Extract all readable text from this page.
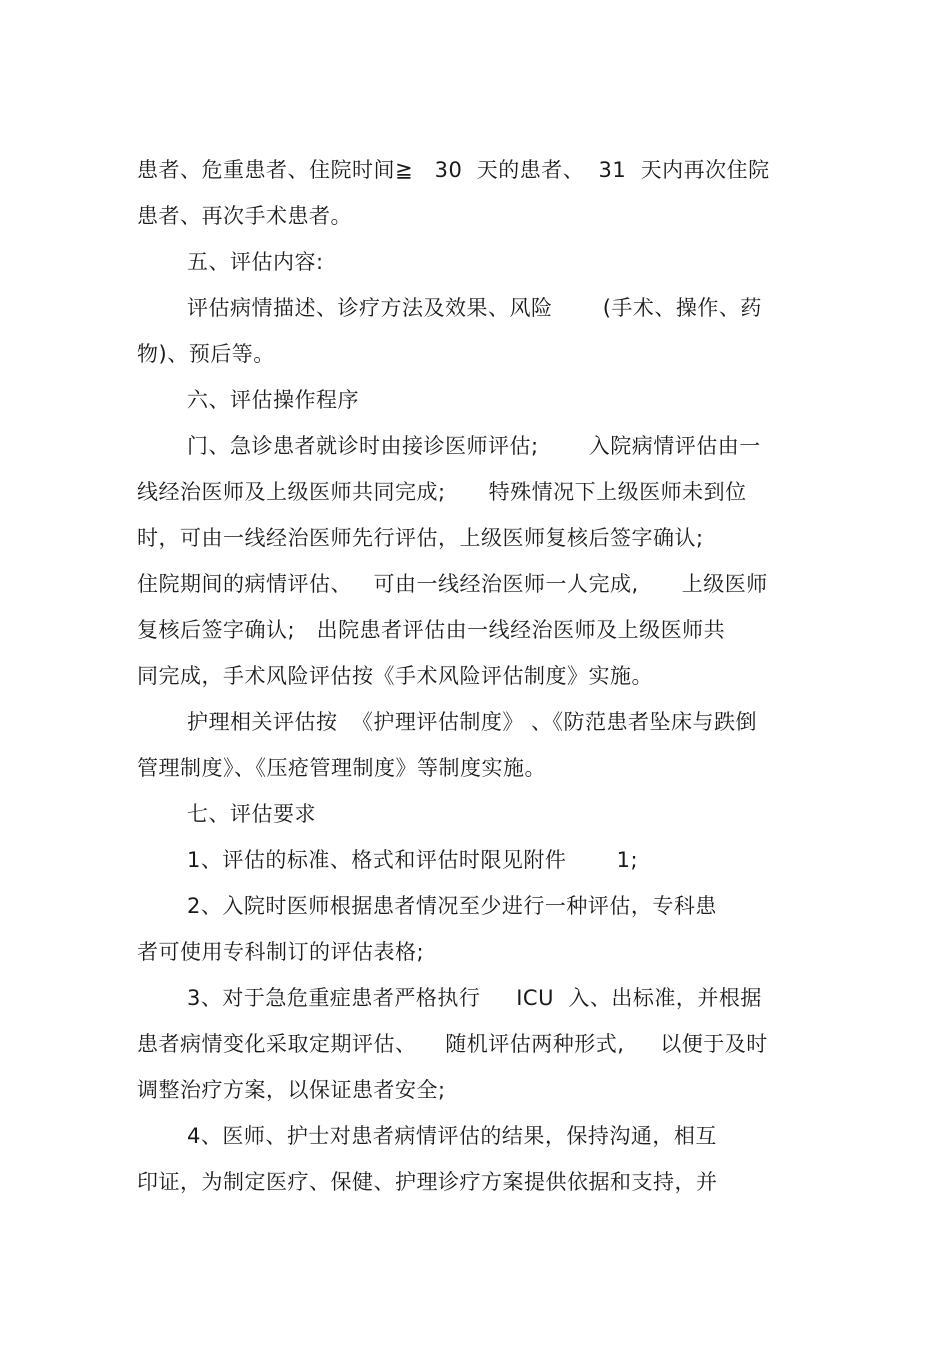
患者、危重患者、住院时间≧   30  天的患者、  31  天内再次住院
患者、再次手术患者。
五、评估内容:
评估病情描述、诊疗方法及效果、风险       (手术、操作、药
物)、预后等。
六、评估操作程序
门、急诊患者就诊时由接诊医师评估;       入院病情评估由一
线经治医师及上级医师共同完成;      特殊情况下上级医师未到位
时，可由一线经治医师先行评估，上级医师复核后签字确认;
住院期间的病情评估、   可由一线经治医师一人完成,      上级医师
复核后签字确认;   出院患者评估由一线经治医师及上级医师共
同完成，手术风险评估按《手术风险评估制度》实施。
护理相关评估按  《护理评估制度》 、《防范患者坠床与跌倒
管理制度》、《压疮管理制度》等制度实施。
七、评估要求
1、评估的标准、格式和评估时限见附件       1;
2、入院时医师根据患者情况至少进行一种评估，专科患
者可使用专科制订的评估表格;
3、对于急危重症患者严格执行     ICU  入、出标准，并根据
患者病情变化采取定期评估、    随机评估两种形式,     以便于及时
调整治疗方案，以保证患者安全;
4、医师、护士对患者病情评估的结果，保持沟通，相互
印证，为制定医疗、保健、护理诊疗方案提供依据和支持，并
